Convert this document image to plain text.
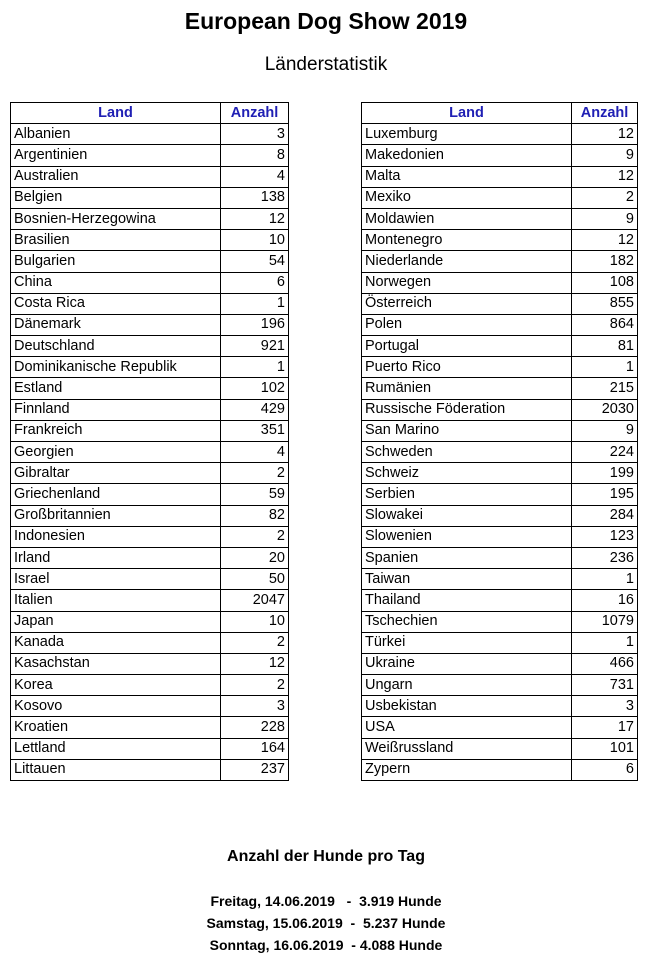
European Dog Show 2019
Länderstatistik
Land	Anzahl
Albanien	3
Argentinien	8
Australien	4
Belgien	138
Bosnien-Herzegowina	12
Brasilien	10
Bulgarien	54
China	6
Costa Rica	1
Dänemark	196
Deutschland	921
Dominikanische Republik	1
Estland	102
Finnland	429
Frankreich	351
Georgien	4
Gibraltar	2
Griechenland	59
Großbritannien	82
Indonesien	2
Irland	20
Israel	50
Italien	2047
Japan	10
Kanada	2
Kasachstan	12
Korea	2
Kosovo	3
Kroatien	228
Lettland	164
Littauen	237
Land	Anzahl
Luxemburg	12
Makedonien	9
Malta	12
Mexiko	2
Moldawien	9
Montenegro	12
Niederlande	182
Norwegen	108
Österreich	855
Polen	864
Portugal	81
Puerto Rico	1
Rumänien	215
Russische Föderation	2030
San Marino	9
Schweden	224
Schweiz	199
Serbien	195
Slowakei	284
Slowenien	123
Spanien	236
Taiwan	1
Thailand	16
Tschechien	1079
Türkei	1
Ukraine	466
Ungarn	731
Usbekistan	3
USA	17
Weißrussland	101
Zypern	6
Anzahl der Hunde pro Tag
Freitag, 14.06.2019   -  3.919 Hunde
Samstag, 15.06.2019  -  5.237 Hunde
Sonntag, 16.06.2019  - 4.088 Hunde
